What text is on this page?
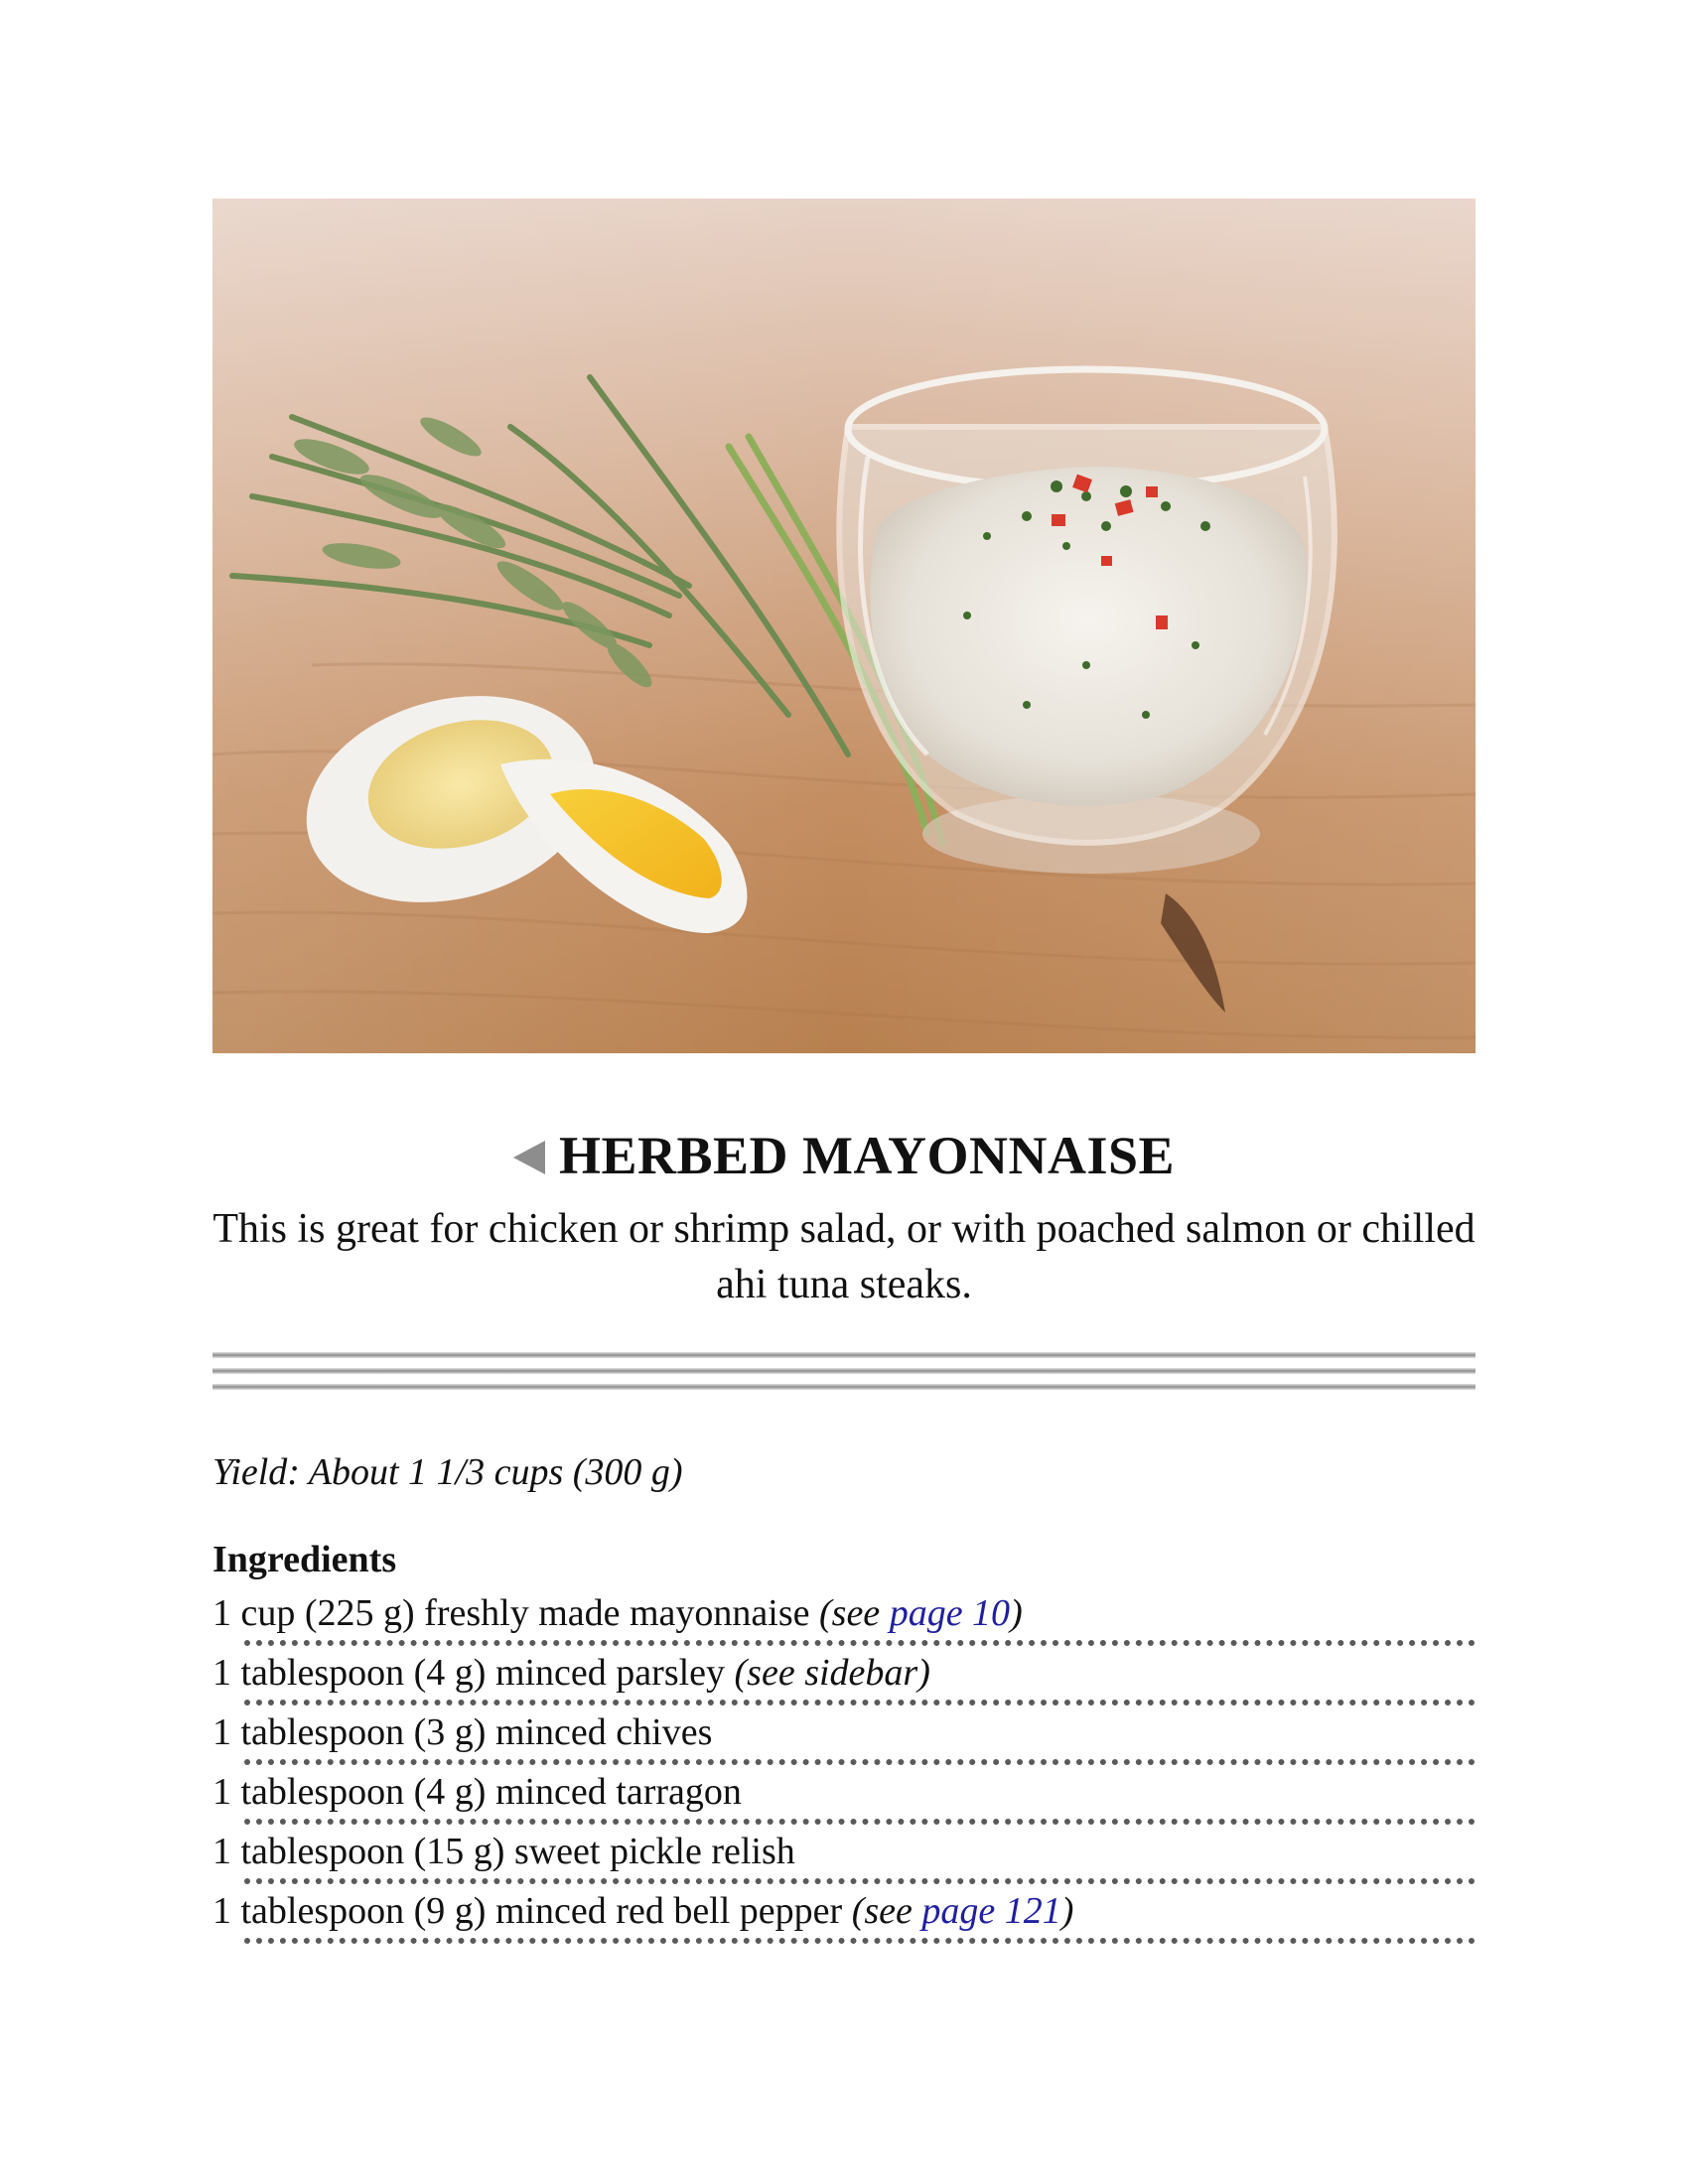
HERBED MAYONNAISE
This is great for chicken or shrimp salad, or with poached salmon or chilled ahi tuna steaks.
Yield: About 1 1/3 cups (300 g)
Ingredients
1 cup (225 g) freshly made mayonnaise (see page 10)
1 tablespoon (4 g) minced parsley (see sidebar)
1 tablespoon (3 g) minced chives
1 tablespoon (4 g) minced tarragon
1 tablespoon (15 g) sweet pickle relish
1 tablespoon (9 g) minced red bell pepper (see page 121)
